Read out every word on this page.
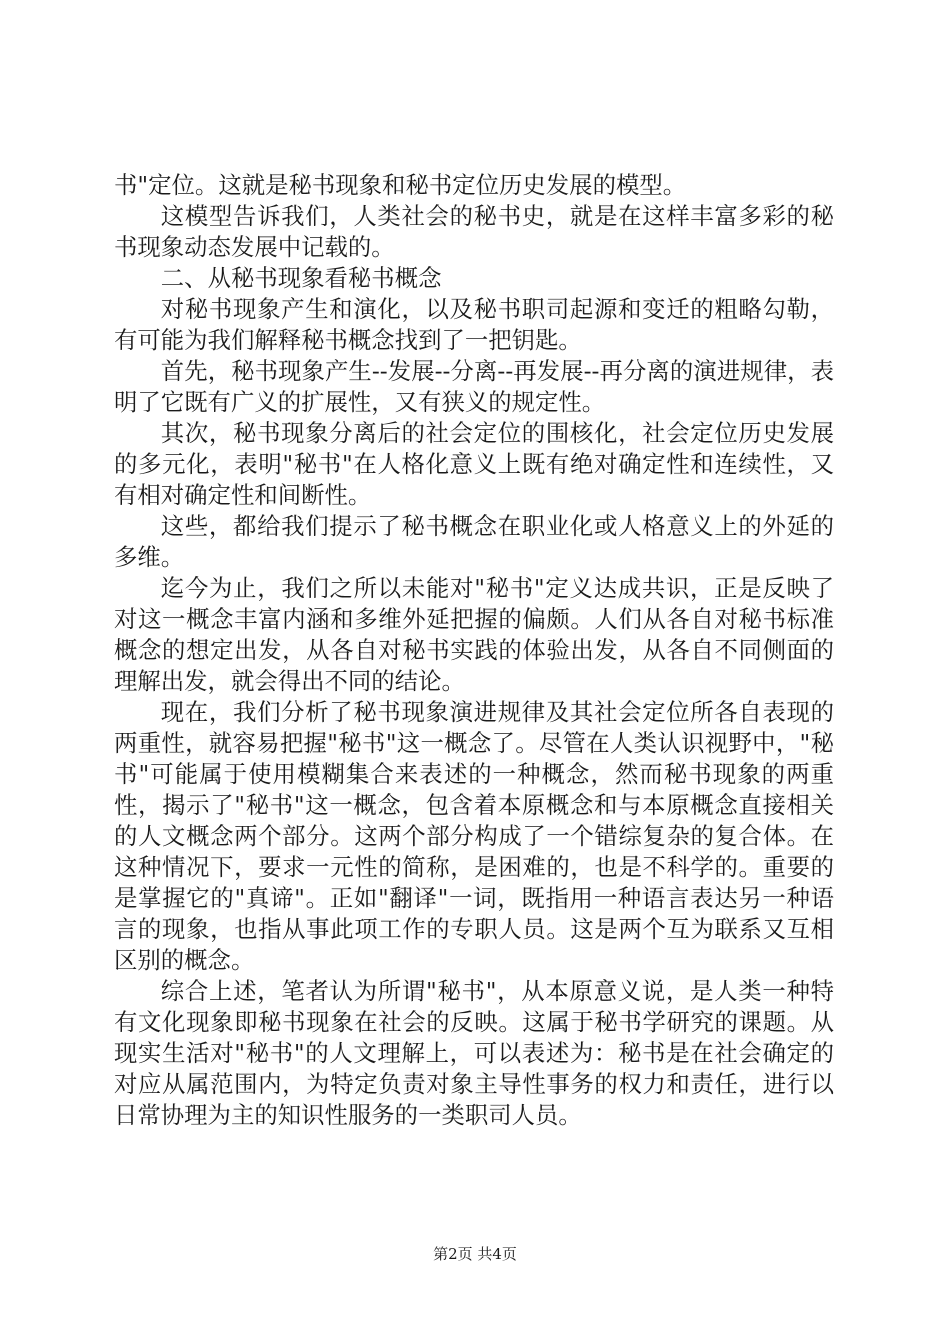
书"定位。这就是秘书现象和秘书定位历史发展的模型。

这模型告诉我们，人类社会的秘书史，就是在这样丰富多彩的秘书现象动态发展中记载的。

二、从秘书现象看秘书概念

对秘书现象产生和演化，以及秘书职司起源和变迁的粗略勾勒，有可能为我们解释秘书概念找到了一把钥匙。

首先，秘书现象产生--发展--分离--再发展--再分离的演进规律，表明了它既有广义的扩展性，又有狭义的规定性。

其次，秘书现象分离后的社会定位的围核化，社会定位历史发展的多元化，表明"秘书"在人格化意义上既有绝对确定性和连续性，又有相对确定性和间断性。

这些，都给我们提示了秘书概念在职业化或人格意义上的外延的多维。

迄今为止，我们之所以未能对"秘书"定义达成共识，正是反映了对这一概念丰富内涵和多维外延把握的偏颇。人们从各自对秘书标准概念的想定出发，从各自对秘书实践的体验出发，从各自不同侧面的理解出发，就会得出不同的结论。

现在，我们分析了秘书现象演进规律及其社会定位所各自表现的两重性，就容易把握"秘书"这一概念了。尽管在人类认识视野中，"秘书"可能属于使用模糊集合来表述的一种概念，然而秘书现象的两重性，揭示了"秘书"这一概念，包含着本原概念和与本原概念直接相关的人文概念两个部分。这两个部分构成了一个错综复杂的复合体。在这种情况下，要求一元性的简称，是困难的，也是不科学的。重要的是掌握它的"真谛"。正如"翻译"一词，既指用一种语言表达另一种语言的现象，也指从事此项工作的专职人员。这是两个互为联系又互相区别的概念。

综合上述，笔者认为所谓"秘书"，从本原意义说，是人类一种特有文化现象即秘书现象在社会的反映。这属于秘书学研究的课题。从现实生活对"秘书"的人文理解上，可以表述为：秘书是在社会确定的对应从属范围内，为特定负责对象主导性事务的权力和责任，进行以日常协理为主的知识性服务的一类职司人员。

第2页 共4页
